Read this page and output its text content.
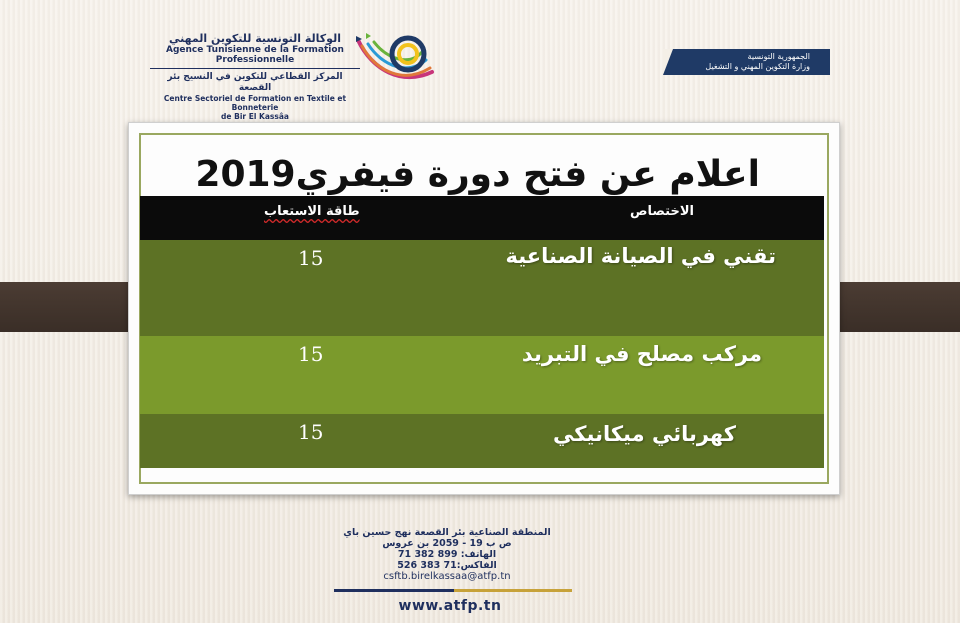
الوكالة التونسية للتكوين المهني
Agence Tunisienne de la Formation
Professionnelle
المركز القطاعي للتكوين في النسيج بئر القصعة
Centre Sectoriel de Formation en Textile et Bonneterie
de Bir El Kassâa
الجمهورية التونسية
وزارة التكوين المهني و التشغيل
اعلام عن فتح دورة فيفري2019
الاختصاص
طاقة الاستعاب
تقني في الصيانة الصناعية
15
مركب مصلح في التبريد
15
كهربائي ميكانيكي
15
المنطقة الصناعية بئر القصعة نهج حسين باي
ص ب 19 - 2059 بن عروس
الهاتف: 899 382 71
الفاكس:71 383 526
csftb.birelkassaa@atfp.tn
www.atfp.tn
